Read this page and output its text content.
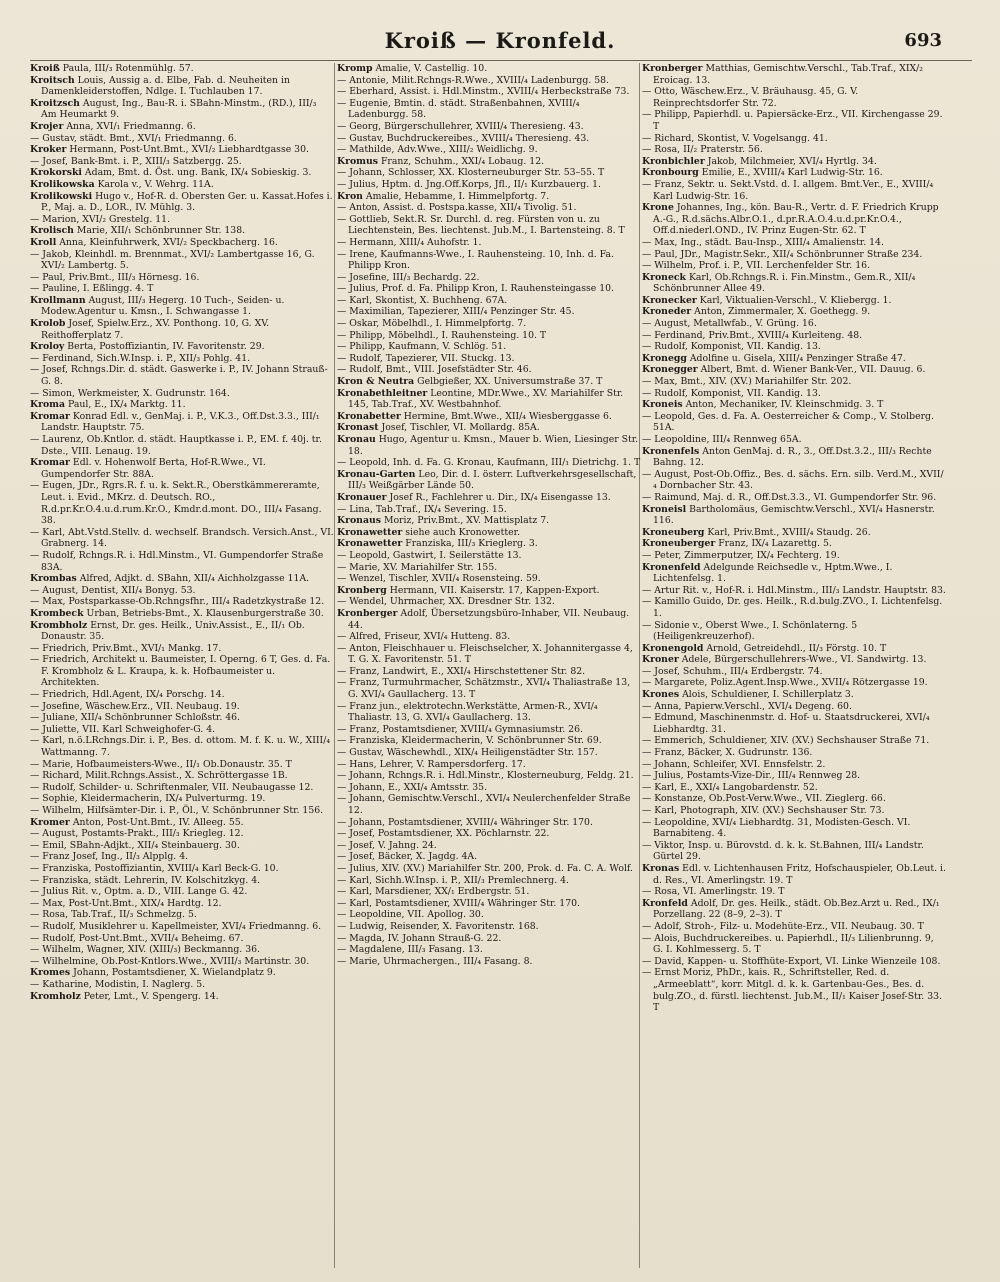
Kroiß — Kronfeld.	693

Kroiß Paula, III/₃ Rotenmühlg. 57.

Kroitsch Louis, Aussig a. d. Elbe, Fab. d. Neuheiten in Damenkleiderstoffen, Ndlge. I. Tuchlauben 17.

Kroitzsch August, Ing., Bau-R. i. SBahn-Minstm., (RD.), III/₃ Am Heumarkt 9.

Krojer Anna, XVI/₁ Friedmanng. 6.

— Gustav, städt. Bmt., XVI/₁ Friedmanng. 6.

Kroker Hermann, Post-Unt.Bmt., XVI/₂ Liebhardtgasse 30.

— Josef, Bank-Bmt. i. P., XIII/₃ Satzbergg. 25.

Krokorski Adam, Bmt. d. Öst. ung. Bank, IX/₄ Sobieskig. 3.

Krolikowska Karola v., V. Wehrg. 11A.

Krolikowski Hugo v., Hof-R. d. Obersten Ger. u. Kassat.Hofes i. P., Maj. a. D., LOR., IV. Mühlg. 3.

— Marion, XVI/₂ Grestelg. 11.

Krolisch Marie, XII/₁ Schönbrunner Str. 138.

Kroll Anna, Kleinfuhrwerk, XVI/₂ Speckbacherg. 16.

— Jakob, Kleinhdl. m. Brennmat., XVI/₂ Lambertgasse 16, G. XVI/₂ Lambertg. 5.

— Paul, Priv.Bmt., III/₃ Hörnesg. 16.

— Pauline, I. Eßlingg. 4. T

Krollmann August, III/₃ Hegerg. 10 Tuch-, Seiden- u. Modew.Agentur u. Kmsn., I. Schwangasse 1.

Krolob Josef, Spielw.Erz., XV. Ponthong. 10, G. XV. Reithofferplatz 7.

Kroloy Berta, Postoffiziantin, IV. Favoritenstr. 29.

— Ferdinand, Sich.W.Insp. i. P., XII/₃ Pohlg. 41.

— Josef, Rchngs.Dir. d. städt. Gaswerke i. P., IV. Johann Strauß-G. 8.

— Simon, Werkmeister, X. Gudrunstr. 164.

Kroma Paul, E., IX/₄ Marktg. 11.

Kromar Konrad Edl. v., GenMaj. i. P., V.K.3., Off.Dst.3.3., III/₁ Landstr. Hauptstr. 75.

— Laurenz, Ob.Kntlor. d. städt. Hauptkasse i. P., EM. f. 40j. tr. Dste., VIII. Lenaug. 19.

Kromar Edl. v. Hohenwolf Berta, Hof-R.Wwe., VI. Gumpendorfer Str. 88A.

— Eugen, JDr., Rgrs.R. f. u. k. Sekt.R., Oberstkämmereramte, Leut. i. Evid., MKrz. d. Deutsch. RO., R.d.pr.Kr.O.4.u.d.rum.Kr.O., Kmdr.d.mont. DO., III/₄ Fasang. 38.

— Karl, Abt.Vstd.Stellv. d. wechself. Brandsch. Versich.Anst., VI. Grabnerg. 14.

— Rudolf, Rchngs.R. i. Hdl.Minstm., VI. Gumpendorfer Straße 83A.

Krombas Alfred, Adjkt. d. SBahn, XII/₄ Aichholzgasse 11A.

— August, Dentist, XII/₄ Bonyg. 53.

— Max, Postsparkasse-Ob.Rchngsfhr., III/₄ Radetzkystraße 12.

Krombeck Urban, Betriebs-Bmt., X. Klausenburgerstraße 30.

Krombholz Ernst, Dr. ges. Heilk., Univ.Assist., E., II/₁ Ob. Donaustr. 35.

— Friedrich, Priv.Bmt., XVI/₁ Mankg. 17.

— Friedrich, Architekt u. Baumeister, I. Operng. 6 T, Ges. d. Fa. F. Krombholz & L. Kraupa, k. k. Hofbaumeister u. Architekten.

— Friedrich, Hdl.Agent, IX/₄ Porschg. 14.

— Josefine, Wäschew.Erz., VII. Neubaug. 19.

— Juliane, XII/₄ Schönbrunner Schloßstr. 46.

— Juliette, VII. Karl Schweighofer-G. 4.

— Karl, n.ö.LRchngs.Dir. i. P., Bes. d. ottom. M. f. K. u. W., XIII/₄ Wattmanng. 7.

— Marie, Hofbaumeisters-Wwe., II/₁ Ob.Donaustr. 35. T

— Richard, Milit.Rchngs.Assist., X. Schröttergasse 1B.

— Rudolf, Schilder- u. Schriftenmaler, VII. Neubaugasse 12.

— Sophie, Kleidermacherin, IX/₄ Pulverturmg. 19.

— Wilhelm, Hilfsämter-Dir. i. P., Öl., V. Schönbrunner Str. 156.

Kromer Anton, Post-Unt.Bmt., IV. Alleeg. 55.

— August, Postamts-Prakt., III/₃ Kriegleg. 12.

— Emil, SBahn-Adjkt., XII/₄ Steinbauerg. 30.

— Franz Josef, Ing., II/₃ Alpplg. 4.

— Franziska, Postoffiziantin, XVIII/₄ Karl Beck-G. 10.

— Franziska, städt. Lehrerin, IV. Kolschitzkyg. 4.

— Julius Rit. v., Optm. a. D., VIII. Lange G. 42.

— Max, Post-Unt.Bmt., XIX/₄ Hardtg. 12.

— Rosa, Tab.Traf., II/₃ Schmelzg. 5.

— Rudolf, Musiklehrer u. Kapellmeister, XVI/₄ Friedmanng. 6.

— Rudolf, Post-Unt.Bmt., XVII/₄ Beheimg. 67.

— Wilhelm, Wagner, XIV. (XIII/₃) Beckmanng. 36.

— Wilhelmine, Ob.Post-Kntlors.Wwe., XVIII/₃ Martinstr. 30.

Kromes Johann, Postamtsdiener, X. Wielandplatz 9.

— Katharine, Modistin, I. Naglerg. 5.

Kromholz Peter, Lmt., V. Spengerg. 14.

Kromp Amalie, V. Castellig. 10.

— Antonie, Milit.Rchngs-R.Wwe., XVIII/₄ Ladenburgg. 58.

— Eberhard, Assist. i. Hdl.Minstm., XVIII/₄ Herbeckstraße 73.

— Eugenie, Bmtin. d. städt. Straßenbahnen, XVIII/₄ Ladenburgg. 58.

— Georg, Bürgerschullehrer, XVIII/₄ Theresieng. 43.

— Gustav, Buchdruckereibes., XVIII/₄ Theresieng. 43.

— Mathilde, Adv.Wwe., XIII/₂ Weidlichg. 9.

Kromus Franz, Schuhm., XXI/₄ Lobaug. 12.

— Johann, Schlosser, XX. Klosterneuburger Str. 53–55. T

— Julius, Hptm. d. Jng.Off.Korps, Jfl., II/₁ Kurzbauerg. 1.

Kron Amalie, Hebamme, I. Himmelpfortg. 7.

— Anton, Assist. d. Postspa.kasse, XII/₄ Tivolig. 51.

— Gottlieb, Sekt.R. Sr. Durchl. d. reg. Fürsten von u. zu Liechtenstein, Bes. liechtenst. Jub.M., I. Bartensteing. 8. T

— Hermann, XIII/₄ Auhofstr. 1.

— Irene, Kaufmanns-Wwe., I. Rauhensteing. 10, Inh. d. Fa. Philipp Kron.

— Josefine, III/₃ Bechardg. 22.

— Julius, Prof. d. Fa. Philipp Kron, I. Rauhensteingasse 10.

— Karl, Skontist, X. Buchheng. 67A.

— Maximilian, Tapezierer, XIII/₄ Penzinger Str. 45.

— Oskar, Möbelhdl., I. Himmelpfortg. 7.

— Philipp, Möbelhdl., I. Rauhensteing. 10. T

— Philipp, Kaufmann, V. Schlög. 51.

— Rudolf, Tapezierer, VII. Stuckg. 13.

— Rudolf, Bmt., VIII. Josefstädter Str. 46.

Kron & Neutra Gelbgießer, XX. Universumstraße 37. T

Kronabethleitner Leontine, MDr.Wwe., XV. Mariahilfer Str. 145, Tab.Traf., XV. Westbahnhof.

Kronabetter Hermine, Bmt.Wwe., XII/₄ Wiesberggasse 6.

Kronast Josef, Tischler, VI. Mollardg. 85A.

Kronau Hugo, Agentur u. Kmsn., Mauer b. Wien, Liesinger Str. 18.

— Leopold, Inh. d. Fa. G. Kronau, Kaufmann, III/₁ Dietrichg. 1. T

Kronau-Garten Leo, Dir. d. I. österr. Luftverkehrsgesellschaft, III/₃ Weißgärber Lände 50.

Kronauer Josef R., Fachlehrer u. Dir., IX/₄ Eisengasse 13.

— Lina, Tab.Traf., IX/₄ Severing. 15.

Kronaus Moriz, Priv.Bmt., XV. Mattisplatz 7.

Kronawetter siehe auch Kronowetter.

Kronawetter Franziska, III/₃ Krieglerg. 3.

— Leopold, Gastwirt, I. Seilerstätte 13.

— Marie, XV. Mariahilfer Str. 155.

— Wenzel, Tischler, XVII/₄ Rosensteing. 59.

Kronberg Hermann, VII. Kaiserstr. 17, Kappen-Export.

— Wendel, Uhrmacher, XX. Dresdner Str. 132.

Kronberger Adolf, Übersetzungsbüro-Inhaber, VII. Neubaug. 44.

— Alfred, Friseur, XVI/₄ Hutteng. 83.

— Anton, Fleischhauer u. Fleischselcher, X. Johannitergasse 4, T. G. X. Favoritenstr. 51. T

— Franz, Landwirt, E., XXI/₄ Hirschstettener Str. 82.

— Franz, Turmuhrmacher, Schätzmstr., XVI/₄ Thaliastraße 13, G. XVI/₄ Gaullacherg. 13. T

— Franz jun., elektrotechn.Werkstätte, Armen-R., XVI/₄ Thaliastr. 13, G. XVI/₄ Gaullacherg. 13.

— Franz, Postamtsdiener, XVIII/₄ Gymnasiumstr. 26.

— Franziska, Kleidermacherin, V. Schönbrunner Str. 69.

— Gustav, Wäschewhdl., XIX/₄ Heiligenstädter Str. 157.

— Hans, Lehrer, V. Rampersdorferg. 17.

— Johann, Rchngs.R. i. Hdl.Minstr., Klosterneuburg, Feldg. 21.

— Johann, E., XXI/₄ Amtsstr. 35.

— Johann, Gemischtw.Verschl., XVI/₄ Neulerchenfelder Straße 12.

— Johann, Postamtsdiener, XVIII/₄ Währinger Str. 170.

— Josef, Postamtsdiener, XX. Pöchlarnstr. 22.

— Josef, V. Jahng. 24.

— Josef, Bäcker, X. Jagdg. 4A.

— Julius, XIV. (XV.) Mariahilfer Str. 200, Prok. d. Fa. C. A. Wolf.

— Karl, Sichh.W.Insp. i. P., XII/₃ Premlechnerg. 4.

— Karl, Marsdiener, XX/₁ Erdbergstr. 51.

— Karl, Postamtsdiener, XVIII/₄ Währinger Str. 170.

— Leopoldine, VII. Apollog. 30.

— Ludwig, Reisender, X. Favoritenstr. 168.

— Magda, IV. Johann Strauß-G. 22.

— Magdalene, III/₃ Fasang. 13.

— Marie, Uhrmachergen., III/₄ Fasang. 8.

Kronberger Matthias, Gemischtw.Verschl., Tab.Traf., XIX/₂ Eroicag. 13.

— Otto, Wäschew.Erz., V. Bräuhausg. 45, G. V. Reinprechtsdorfer Str. 72.

— Philipp, Papierhdl. u. Papiersäcke-Erz., VII. Kirchengasse 29. T

— Richard, Skontist, V. Vogelsangg. 41.

— Rosa, II/₂ Praterstr. 56.

Kronbichler Jakob, Milchmeier, XVI/₄ Hyrtlg. 34.

Kronbourg Emilie, E., XVIII/₄ Karl Ludwig-Str. 16.

— Franz, Sektr. u. Sekt.Vstd. d. I. allgem. Bmt.Ver., E., XVIII/₄ Karl Ludwig-Str. 16.

Krone Johannes, Ing., kön. Bau-R., Vertr. d. F. Friedrich Krupp A.-G., R.d.sächs.Albr.O.1., d.pr.R.A.O.4.u.d.pr.Kr.O.4., Off.d.niederl.OND., IV. Prinz Eugen-Str. 62. T

— Max, Ing., städt. Bau-Insp., XIII/₄ Amalienstr. 14.

— Paul, JDr., Magistr.Sekr., XII/₄ Schönbrunner Straße 234.

— Wilhelm, Prof. i. P., VII. Lerchenfelder Str. 16.

Kroneck Karl, Ob.Rchngs.R. i. Fin.Minstm., Gem.R., XII/₄ Schönbrunner Allee 49.

Kronecker Karl, Viktualien-Verschl., V. Kliebergg. 1.

Kroneder Anton, Zimmermaler, X. Goethegg. 9.

— August, Metallwfab., V. Grüng. 16.

— Ferdinand, Priv.Bmt., XVIII/₄ Kurleiteng. 48.

— Rudolf, Komponist, VII. Kandig. 13.

Kronegg Adolfine u. Gisela, XIII/₄ Penzinger Straße 47.

Kronegger Albert, Bmt. d. Wiener Bank-Ver., VII. Dauug. 6.

— Max, Bmt., XIV. (XV.) Mariahilfer Str. 202.

— Rudolf, Komponist, VII. Kandig. 13.

Kroneis Anton, Mechaniker, IV. Kleinschmidg. 3. T

— Leopold, Ges. d. Fa. A. Oesterreicher & Comp., V. Stolberg. 51A.

— Leopoldine, III/₄ Rennweg 65A.

Kronenfels Anton GenMaj. d. R., 3., Off.Dst.3.2., III/₃ Rechte Bahng. 12.

— August, Post-Ob.Offiz., Bes. d. sächs. Ern. silb. Verd.M., XVII/₄ Dornbacher Str. 43.

— Raimund, Maj. d. R., Off.Dst.3.3., VI. Gumpendorfer Str. 96.

Kroneisl Bartholomäus, Gemischtw.Verschl., XVI/₄ Hasnerstr. 116.

Kroneuberg Karl, Priv.Bmt., XVIII/₄ Staudg. 26.

Kroneuberger Franz, IX/₄ Lazarettg. 5.

— Peter, Zimmerputzer, IX/₄ Fechterg. 19.

Kronenfeld Adelgunde Reichsedle v., Hptm.Wwe., I. Lichtenfelsg. 1.

— Artur Rit. v., Hof-R. i. Hdl.Minstm., III/₃ Landstr. Hauptstr. 83.

— Kamillo Guido, Dr. ges. Heilk., R.d.bulg.ZVO., I. Lichtenfelsg. 1.

— Sidonie v., Oberst Wwe., I. Schönlaterng. 5 (Heiligenkreuzerhof).

Kronengold Arnold, Getreidehdl., II/₃ Förstg. 10. T

Kroner Adele, Bürgerschullehrers-Wwe., VI. Sandwirtg. 13.

— Josef, Schuhm., III/₄ Erdbergstr. 74.

— Margarete, Poliz.Agent.Insp.Wwe., XVII/₄ Rötzergasse 19.

Krones Alois, Schuldiener, I. Schillerplatz 3.

— Anna, Papierw.Verschl., XVI/₄ Degeng. 60.

— Edmund, Maschinenmstr. d. Hof- u. Staatsdruckerei, XVI/₄ Liebhardtg. 31.

— Emmerich, Schuldiener, XIV. (XV.) Sechshauser Straße 71.

— Franz, Bäcker, X. Gudrunstr. 136.

— Johann, Schleifer, XVI. Ennsfelstr. 2.

— Julius, Postamts-Vize-Dir., III/₄ Rennweg 28.

— Karl, E., XXI/₄ Langobardenstr. 52.

— Konstanze, Ob.Post-Verw.Wwe., VII. Zieglerg. 66.

— Karl, Photograph, XIV. (XV.) Sechshauser Str. 73.

— Leopoldine, XVI/₄ Liebhardtg. 31, Modisten-Gesch. VI. Barnabiteng. 4.

— Viktor, Insp. u. Bürovstd. d. k. k. St.Bahnen, III/₄ Landstr. Gürtel 29.

Kronas Edl. v. Lichtenhausen Fritz, Hofschauspieler, Ob.Leut. i. d. Res., VI. Amerlingstr. 19. T

— Rosa, VI. Amerlingstr. 19. T

Kronfeld Adolf, Dr. ges. Heilk., städt. Ob.Bez.Arzt u. Red., IX/₁ Porzellang. 22 (8–9, 2–3). T

— Adolf, Stroh-, Filz- u. Modehüte-Erz., VII. Neubaug. 30. T

— Alois, Buchdruckereibes. u. Papierhdl., II/₃ Lilienbrunng. 9, G. I. Kohlmesserg. 5. T

— David, Kappen- u. Stoffhüte-Export, VI. Linke Wienzeile 108.

— Ernst Moriz, PhDr., kais. R., Schriftsteller, Red. d. „Armeeblatt“, korr. Mitgl. d. k. k. Gartenbau-Ges., Bes. d. bulg.ZO., d. fürstl. liechtenst. Jub.M., II/₁ Kaiser Josef-Str. 33. T
